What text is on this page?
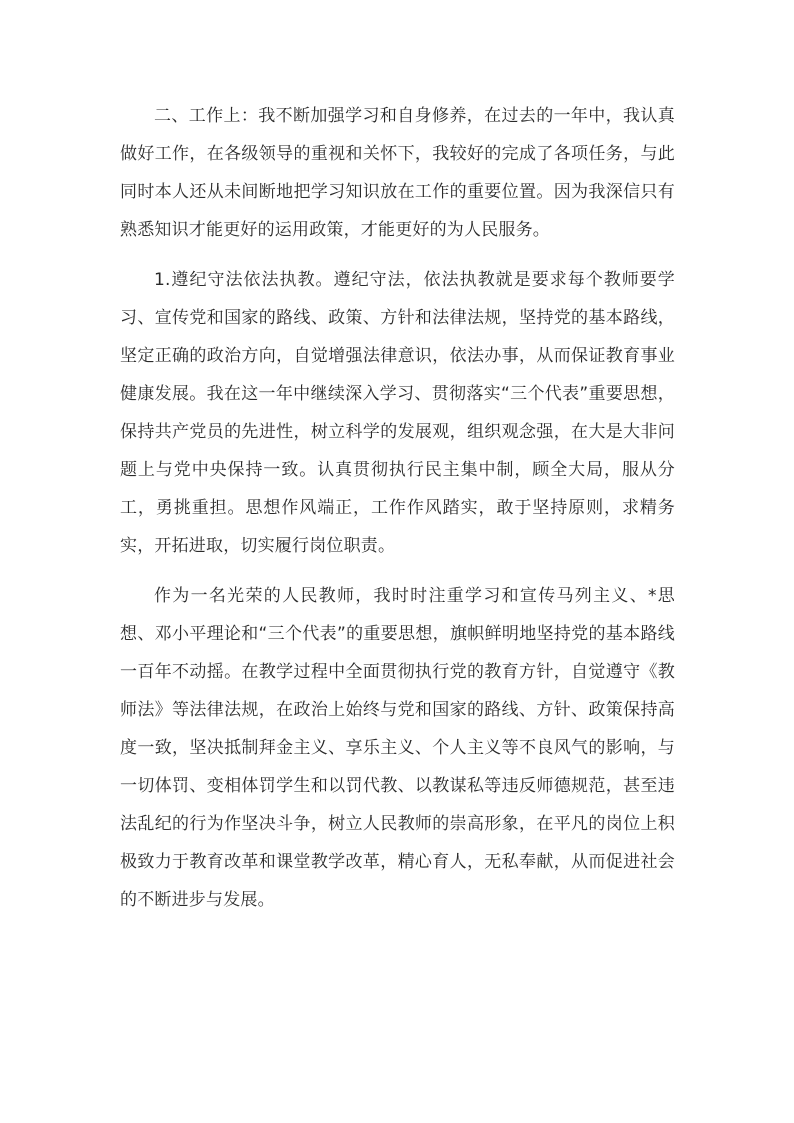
二、工作上：我不断加强学习和自身修养，在过去的一年中，我认真做好工作，在各级领导的重视和关怀下，我较好的完成了各项任务，与此同时本人还从未间断地把学习知识放在工作的重要位置。因为我深信只有熟悉知识才能更好的运用政策，才能更好的为人民服务。

1.遵纪守法依法执教。遵纪守法，依法执教就是要求每个教师要学习、宣传党和国家的路线、政策、方针和法律法规，坚持党的基本路线，坚定正确的政治方向，自觉增强法律意识，依法办事，从而保证教育事业健康发展。我在这一年中继续深入学习、贯彻落实“三个代表”重要思想，保持共产党员的先进性，树立科学的发展观，组织观念强，在大是大非问题上与党中央保持一致。认真贯彻执行民主集中制，顾全大局，服从分工，勇挑重担。思想作风端正，工作作风踏实，敢于坚持原则，求精务实，开拓进取，切实履行岗位职责。

作为一名光荣的人民教师，我时时注重学习和宣传马列主义、*思想、邓小平理论和“三个代表”的重要思想，旗帜鲜明地坚持党的基本路线一百年不动摇。在教学过程中全面贯彻执行党的教育方针，自觉遵守《教师法》等法律法规，在政治上始终与党和国家的路线、方针、政策保持高度一致，坚决抵制拜金主义、享乐主义、个人主义等不良风气的影响，与一切体罚、变相体罚学生和以罚代教、以教谋私等违反师德规范，甚至违法乱纪的行为作坚决斗争，树立人民教师的崇高形象，在平凡的岗位上积极致力于教育改革和课堂教学改革，精心育人，无私奉献，从而促进社会的不断进步与发展。
